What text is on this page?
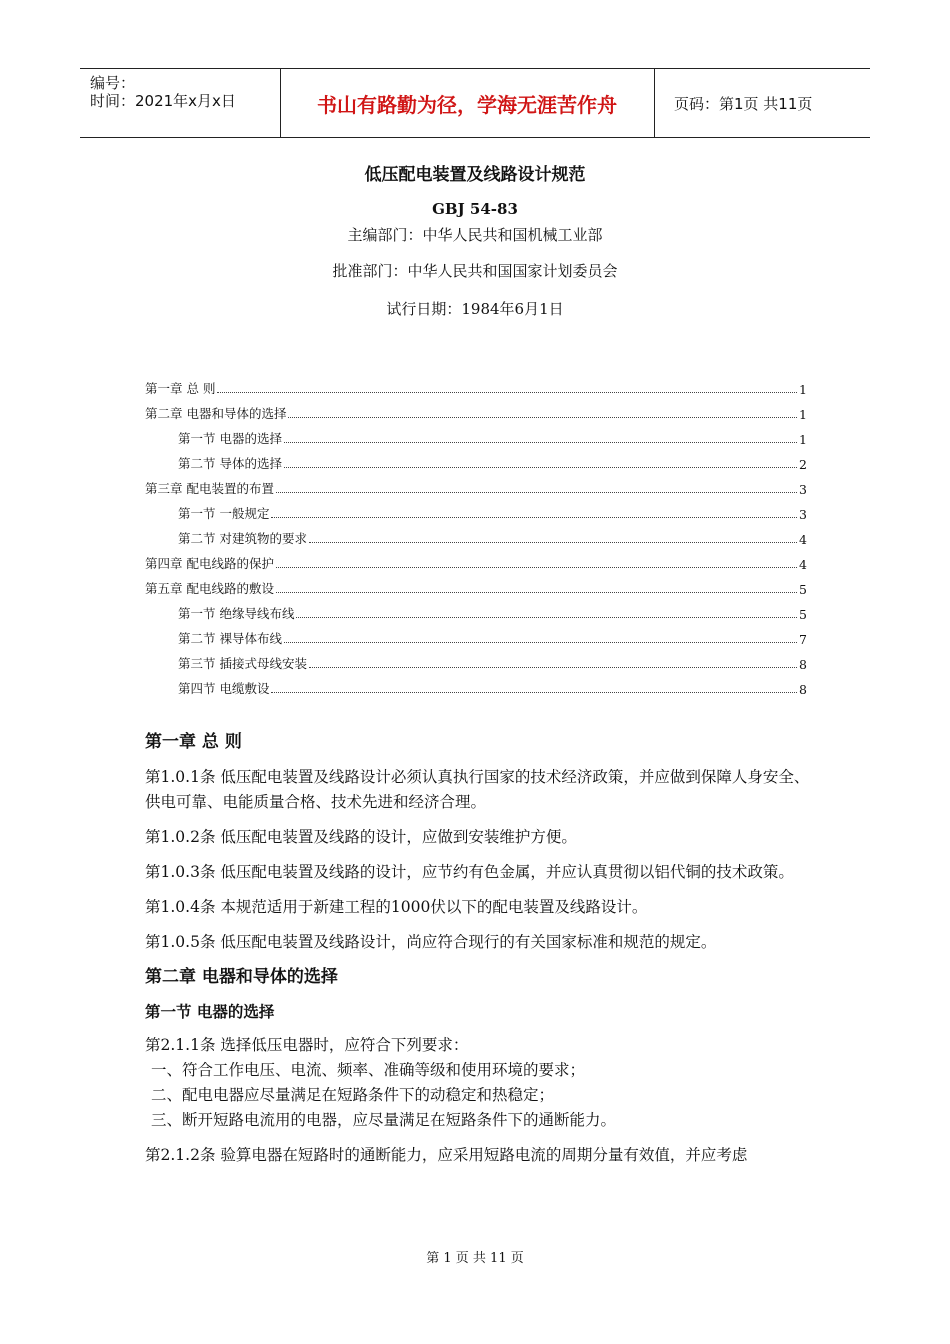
编号：
时间：2021年x月x日	书山有路勤为径，学海无涯苦作舟	页码：第1页 共11页
低压配电装置及线路设计规范
GBJ 54-83
主编部门：中华人民共和国机械工业部
批准部门：中华人民共和国国家计划委员会
试行日期：1984年6月1日
第一章 总 则	1
第二章 电器和导体的选择	1
第一节 电器的选择	1
第二节 导体的选择	2
第三章 配电装置的布置	3
第一节 一般规定	3
第二节 对建筑物的要求	4
第四章 配电线路的保护	4
第五章 配电线路的敷设	5
第一节 绝缘导线布线	5
第二节 裸导体布线	7
第三节 插接式母线安装	8
第四节 电缆敷设	8
第一章 总 则

第1.0.1条 低压配电装置及线路设计必须认真执行国家的技术经济政策，并应做到保障人身安全、供电可靠、电能质量合格、技术先进和经济合理。

第1.0.2条 低压配电装置及线路的设计，应做到安装维护方便。

第1.0.3条 低压配电装置及线路的设计，应节约有色金属，并应认真贯彻以铝代铜的技术政策。

第1.0.4条 本规范适用于新建工程的1000伏以下的配电装置及线路设计。

第1.0.5条 低压配电装置及线路设计，尚应符合现行的有关国家标准和规范的规定。

第二章 电器和导体的选择
第一节 电器的选择

第2.1.1条 选择低压电器时，应符合下列要求：

一、符合工作电压、电流、频率、准确等级和使用环境的要求；

二、配电电器应尽量满足在短路条件下的动稳定和热稳定；

三、断开短路电流用的电器，应尽量满足在短路条件下的通断能力。

第2.1.2条 验算电器在短路时的通断能力，应采用短路电流的周期分量有效值，并应考虑

第 1 页 共 11 页
